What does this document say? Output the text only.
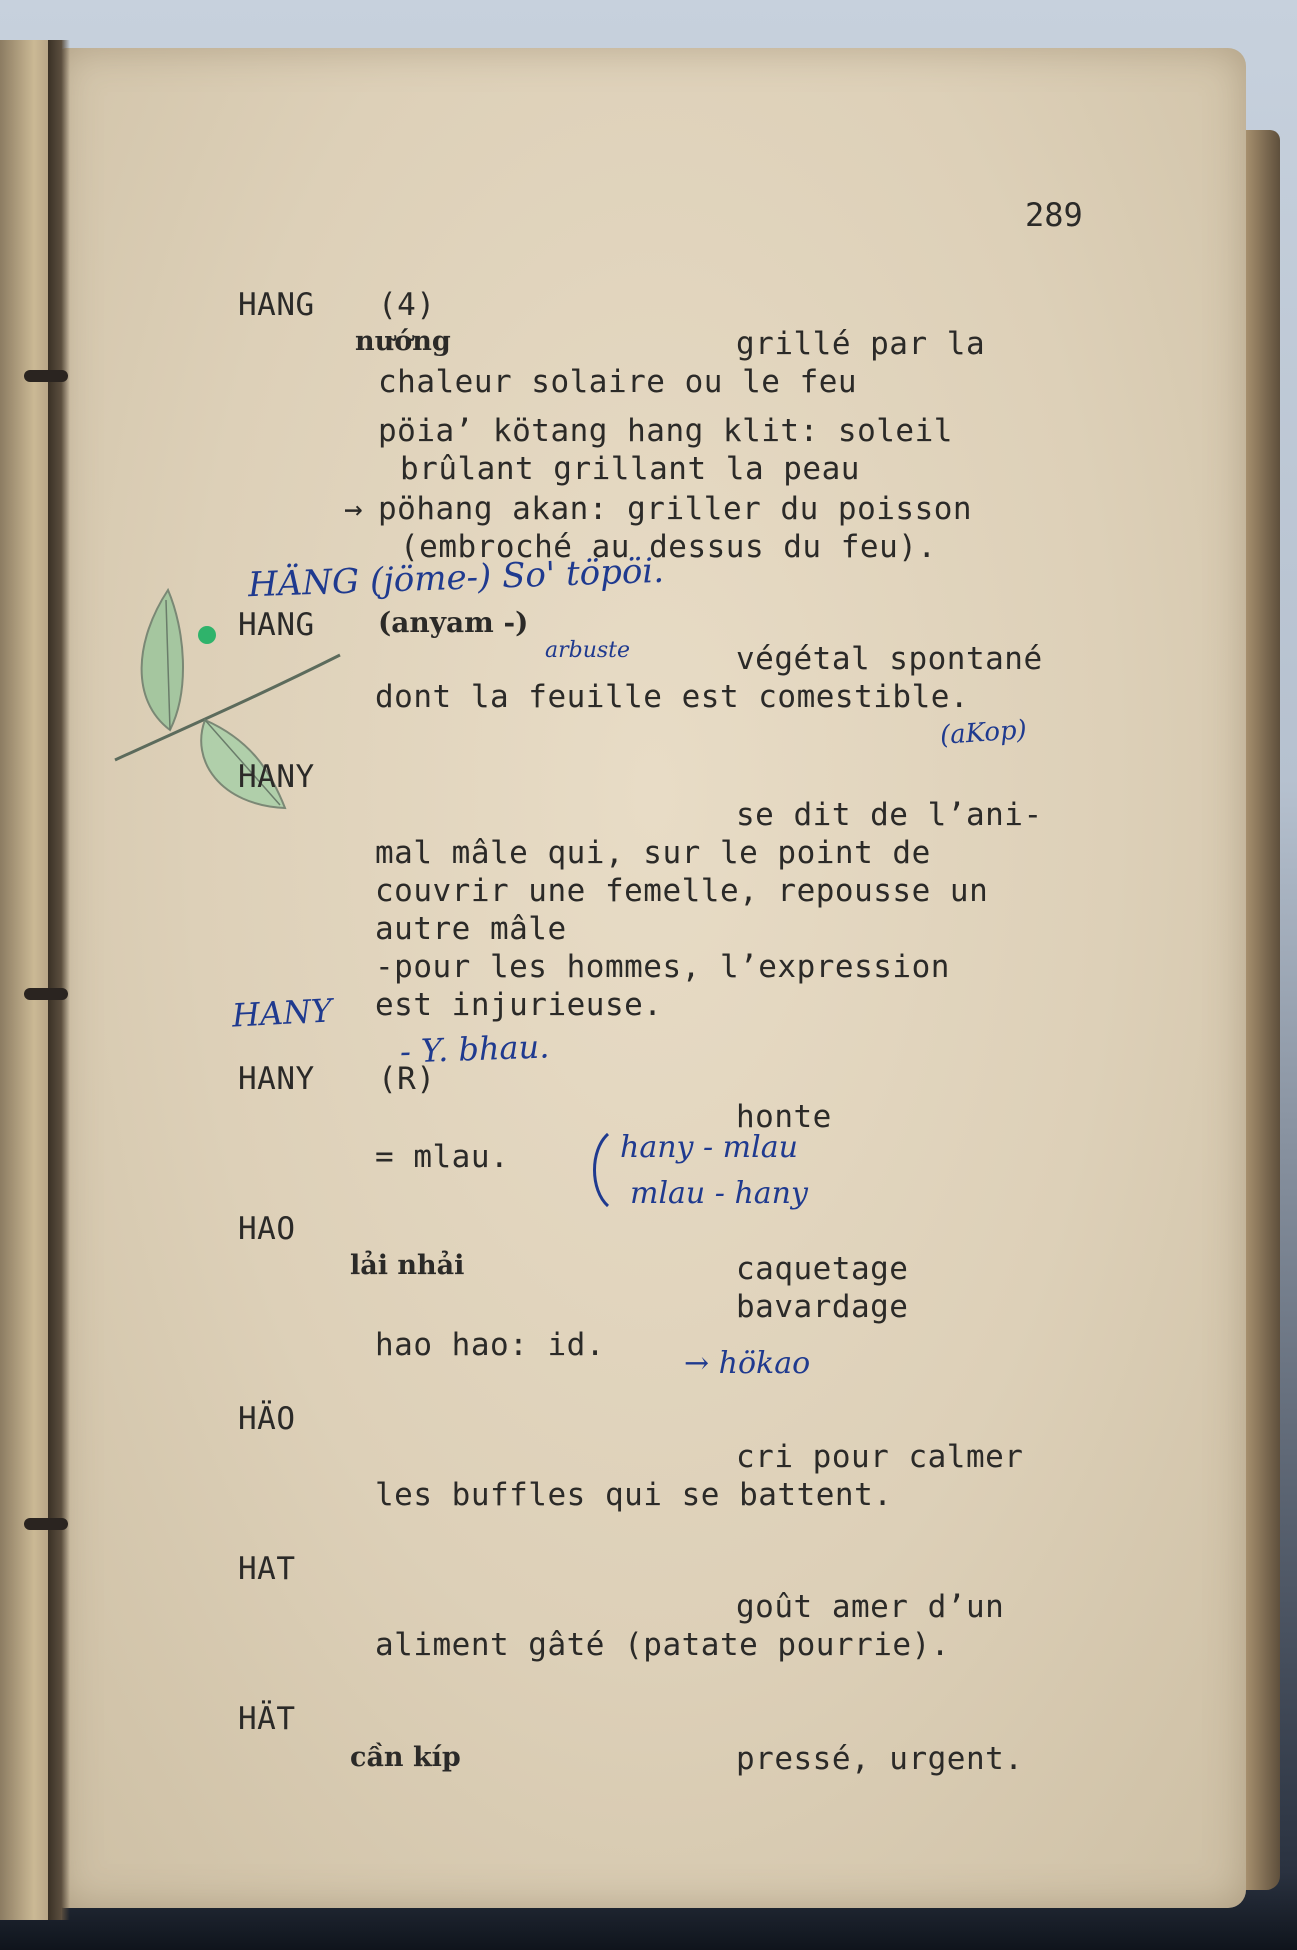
289
HANG (4)
nướng	grillé par la
chaleur solaire ou le feu
pöia’ kötang hang klit: soleil
brûlant grillant la peau
→ pöhang akan: griller du poisson
(embroché au dessus du feu).
HÄNG (jöme-) So' töpöi.
HANG (anyam -)
arbuste	végétal spontané
dont la feuille est comestible.
(aKop)
HANY
se dit de l’ani-
mal mâle qui, sur le point de
couvrir une femelle, repousse un
autre mâle
-pour les hommes, l’expression
est injurieuse.
HANY
- Y. bhau.
HANY (R)
honte
= mlau.	hany - mlau
mlau - hany
HAO
lải nhải	caquetage
bavardage
hao hao: id.
→ hökao
HÄO
cri pour calmer
les buffles qui se battent.
HAT
goût amer d’un
aliment gâté (patate pourrie).
HÄT
cần kíp	pressé, urgent.
